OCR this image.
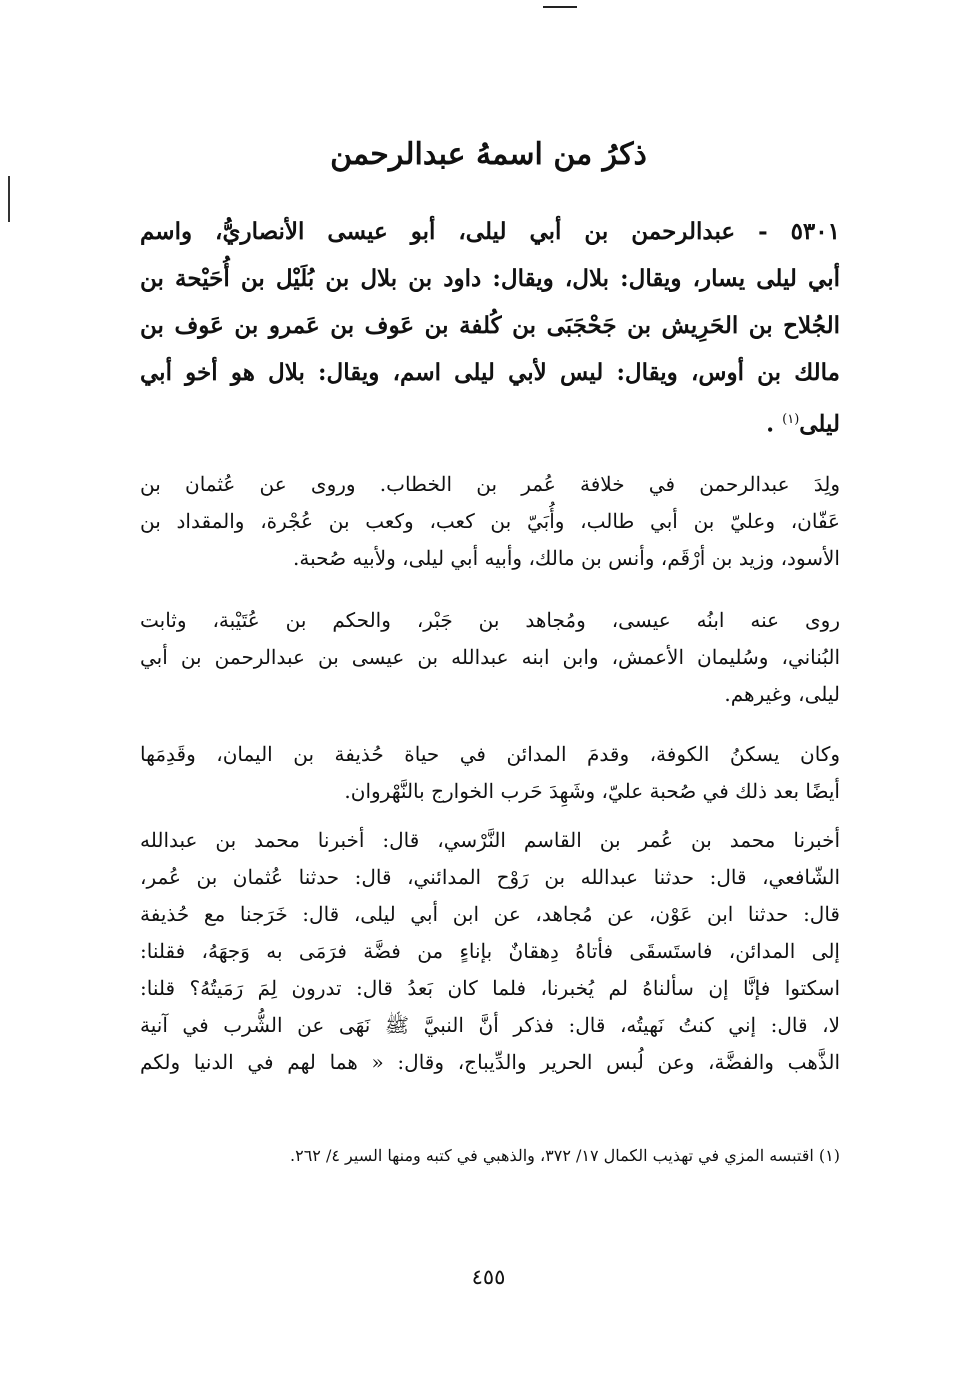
ذكرُ من اسمهُ عبدالرحمن
٥٣٠١ - عبدالرحمن بن أبي ليلى، أبو عيسى الأنصاريُّ، واسم
أبي ليلى يسار، ويقال: بلال، ويقال: داود بن بلال بن بُلَيْل بن أُحَيْحة بن
الجُلاح بن الحَرِيش بن جَحْجَبَى بن كُلفة بن عَوف بن عَمرو بن عَوف بن
مالك بن أوس، ويقال: ليس لأبي ليلى اسم، ويقال: بلال هو أخو أبي
ليلى$^{(١)}$ .
ولِدَ عبدالرحمن في خلافة عُمر بن الخطاب. وروى عن عُثمان بن
عَفّان، وعليّ بن أبي طالب، وأُبَيّ بن كعب، وكعب بن عُجْرة، والمقداد بن
الأسود، وزيد بن أرْقَم، وأنس بن مالك، وأبيه أبي ليلى، ولأبيه صُحبة.
روى عنه ابنُه عيسى، ومُجاهد بن جَبْر، والحكم بن عُتَيْبة، وثابت
البُناني، وسُليمان الأعمش، وابن ابنه عبدالله بن عيسى بن عبدالرحمن بن أبي
ليلى، وغيرهم.
وكان يسكنُ الكوفة، وقدمَ المدائن في حياة حُذيفة بن اليمان، وقَدِمَها
أيضًا بعد ذلك في صُحبة عليّ، وشَهِدَ حَرب الخوارج بالنَّهْروان.
أخبرنا محمد بن عُمر بن القاسم النَّرْسي، قال: أخبرنا محمد بن عبدالله
الشّافعي، قال: حدثنا عبدالله بن رَوْح المدائني، قال: حدثنا عُثمان بن عُمر،
قال: حدثنا ابن عَوْن، عن مُجاهد، عن ابن أبي ليلى، قال: خَرَجنا مع حُذيفة
إلى المدائن، فاستَسقَى فأتاهُ دِهقانٌ بإناءٍ من فضَّة فرَمَى به وَجهَهُ، فقلنا:
اسكتوا فإنَّا إن سألناهُ لم يُخبرنا، فلما كان بَعدُ قال: تدرون لِمَ رَمَيتُهُ؟ قلنا:
لا، قال: إني كنتُ نَهيتُه، قال: فذكر أنَّ النبيَّ ﷺ نَهَى عن الشُّرب في آنية
الذَّهب والفضَّة، وعن لُبس الحرير والدِّيباج، وقال: « هما لهم في الدنيا ولكم
(١) اقتبسه المزي في تهذيب الكمال ١٧/ ٣٧٢، والذهبي في كتبه ومنها السير ٤/ ٢٦٢.
٤٥٥
